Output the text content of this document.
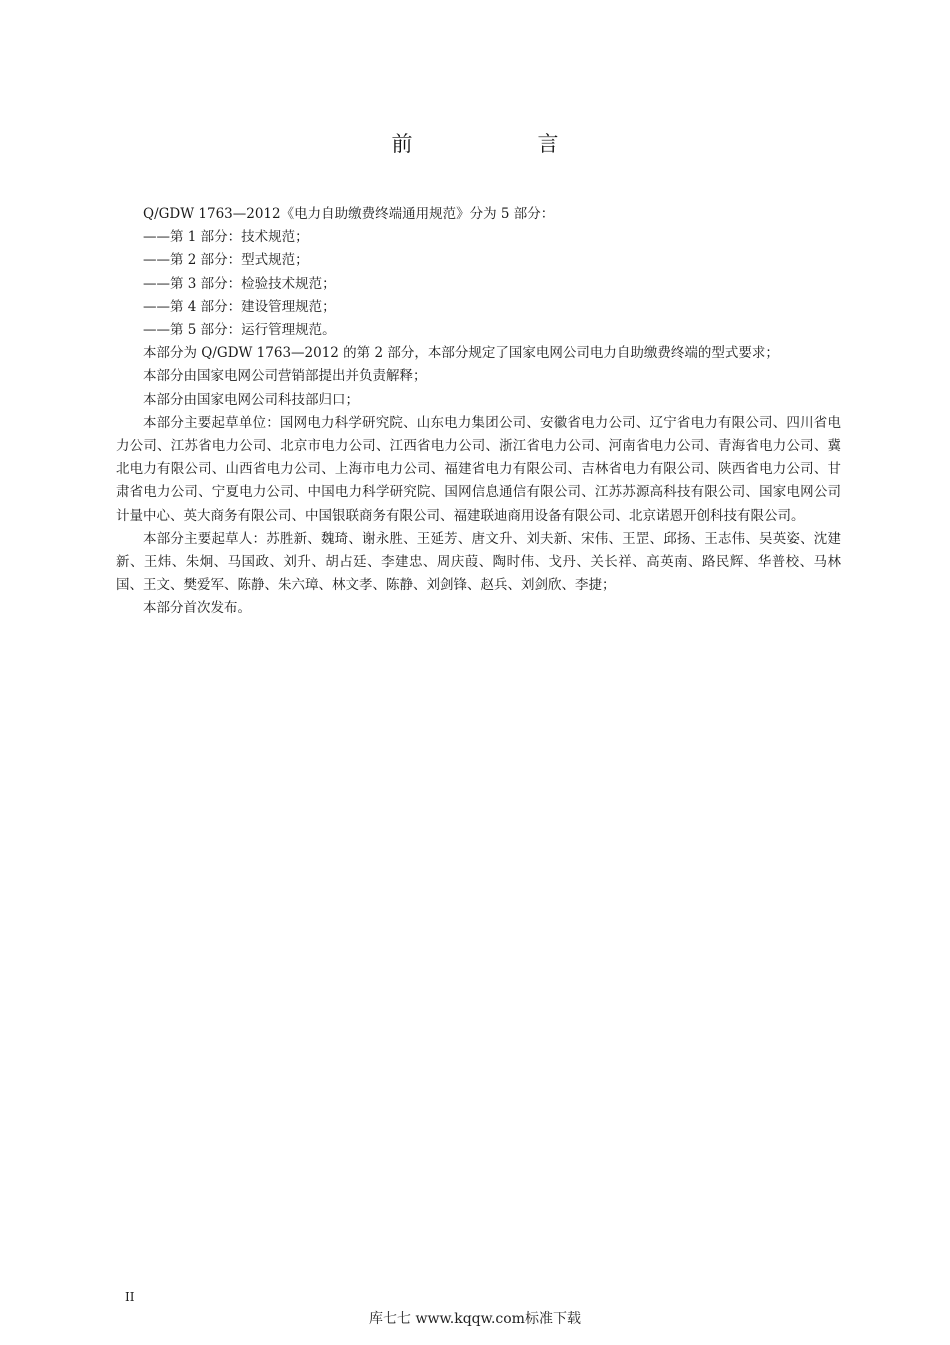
前　言

Q/GDW 1763—2012《电力自助缴费终端通用规范》分为 5 部分：

——第 1 部分：技术规范；

——第 2 部分：型式规范；

——第 3 部分：检验技术规范；

——第 4 部分：建设管理规范；

——第 5 部分：运行管理规范。

本部分为 Q/GDW 1763—2012 的第 2 部分，本部分规定了国家电网公司电力自助缴费终端的型式要求；

本部分由国家电网公司营销部提出并负责解释；

本部分由国家电网公司科技部归口；

本部分主要起草单位：国网电力科学研究院、山东电力集团公司、安徽省电力公司、辽宁省电力有限公司、四川省电力公司、江苏省电力公司、北京市电力公司、江西省电力公司、浙江省电力公司、河南省电力公司、青海省电力公司、冀北电力有限公司、山西省电力公司、上海市电力公司、福建省电力有限公司、吉林省电力有限公司、陕西省电力公司、甘肃省电力公司、宁夏电力公司、中国电力科学研究院、国网信息通信有限公司、江苏苏源高科技有限公司、国家电网公司计量中心、英大商务有限公司、中国银联商务有限公司、福建联迪商用设备有限公司、北京诺恩开创科技有限公司。

本部分主要起草人：苏胜新、魏琦、谢永胜、王延芳、唐文升、刘夫新、宋伟、王罡、邱扬、王志伟、吴英姿、沈建新、王炜、朱炯、马国政、刘升、胡占廷、李建忠、周庆葭、陶时伟、戈丹、关长祥、高英南、路民辉、华普校、马林国、王文、樊爱军、陈静、朱六璋、林文孝、陈静、刘剑锋、赵兵、刘剑欣、李捷；

本部分首次发布。

II
库七七 www.kqqw.com标准下载
